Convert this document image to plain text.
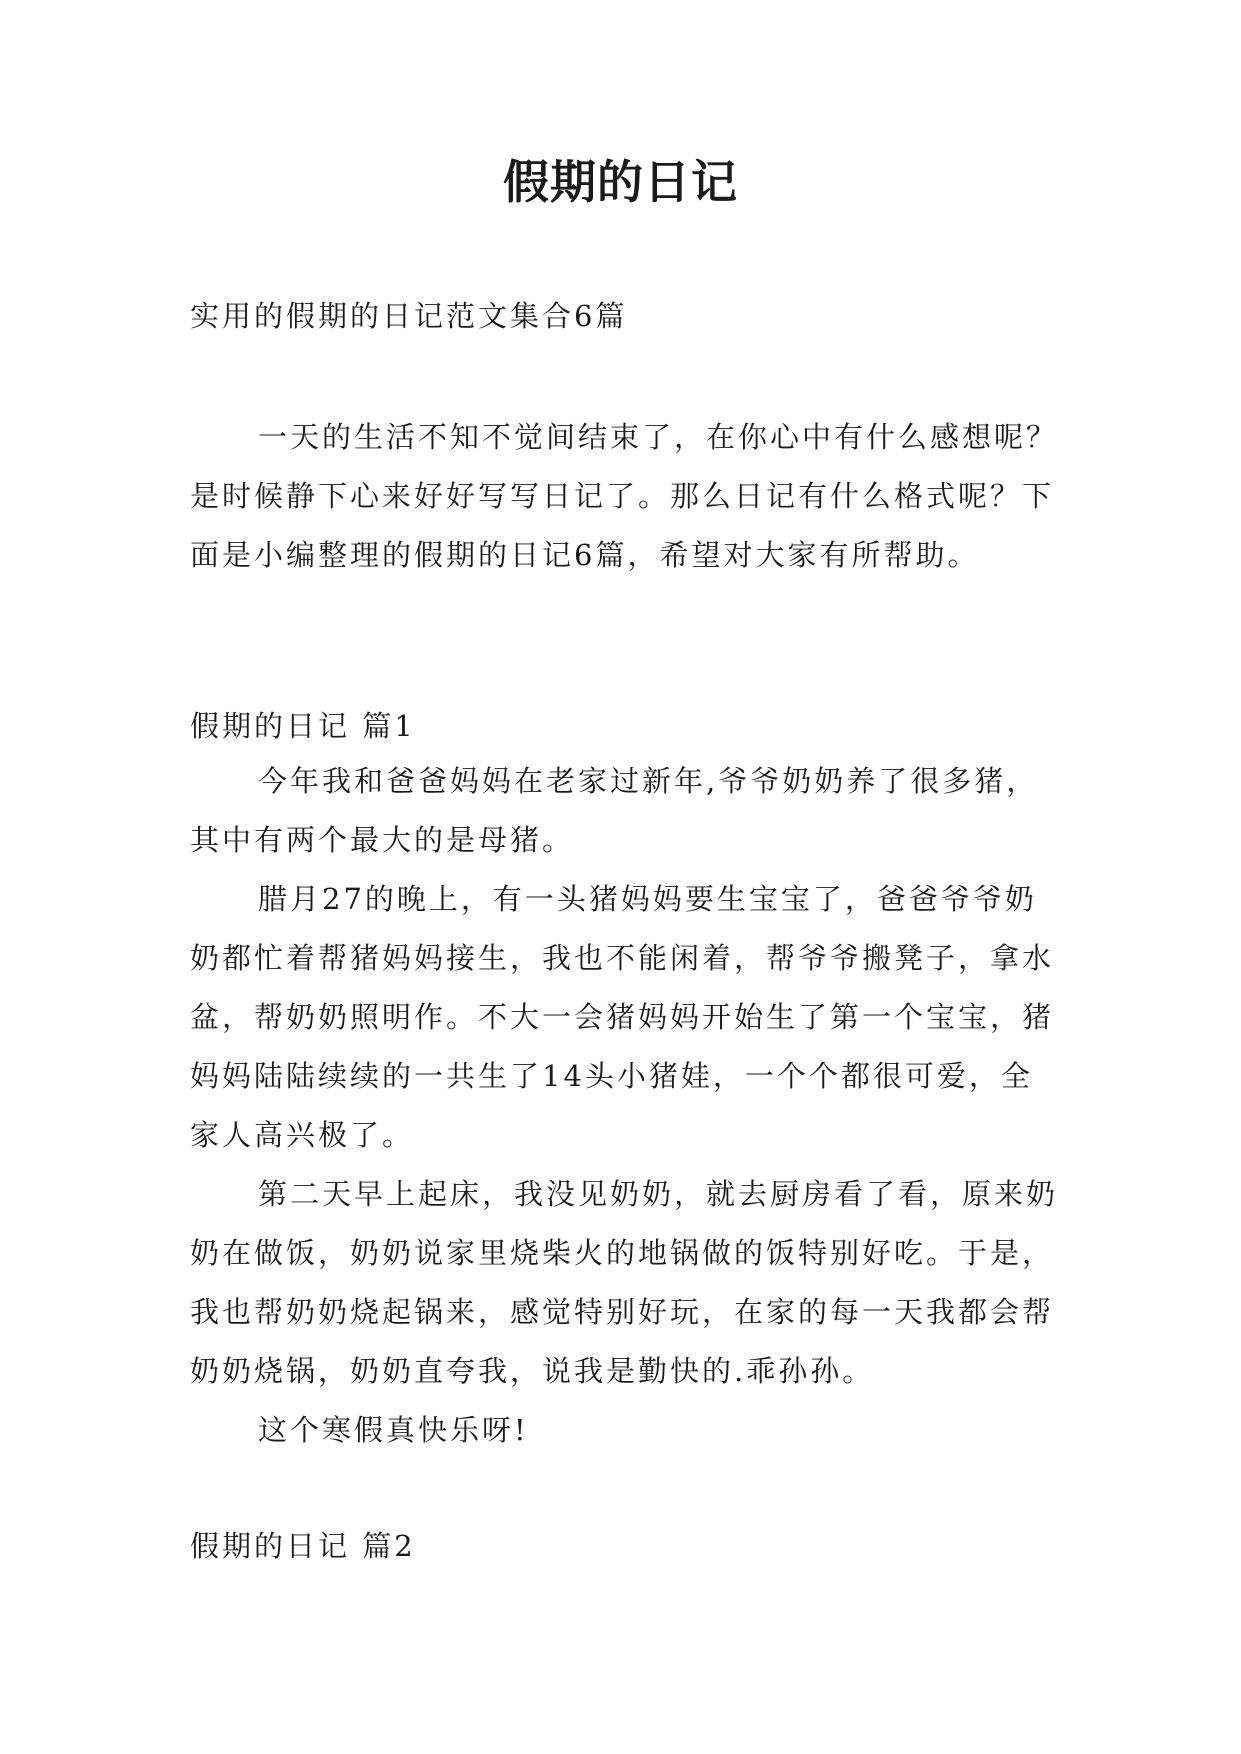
假期的日记
实用的假期的日记范文集合6篇
一天的生活不知不觉间结束了，在你心中有什么感想呢？是时候静下心来好好写写日记了。那么日记有什么格式呢？下面是小编整理的假期的日记6篇，希望对大家有所帮助。
假期的日记 篇1

今年我和爸爸妈妈在老家过新年,爷爷奶奶养了很多猪，其中有两个最大的是母猪。

腊月27的晚上，有一头猪妈妈要生宝宝了，爸爸爷爷奶奶都忙着帮猪妈妈接生，我也不能闲着，帮爷爷搬凳子，拿水盆，帮奶奶照明作。不大一会猪妈妈开始生了第一个宝宝，猪妈妈陆陆续续的一共生了14头小猪娃，一个个都很可爱，全家人高兴极了。

第二天早上起床，我没见奶奶，就去厨房看了看，原来奶奶在做饭，奶奶说家里烧柴火的地锅做的饭特别好吃。于是，我也帮奶奶烧起锅来，感觉特别好玩，在家的每一天我都会帮奶奶烧锅，奶奶直夸我，说我是勤快的.乖孙孙。

这个寒假真快乐呀!

假期的日记 篇2
